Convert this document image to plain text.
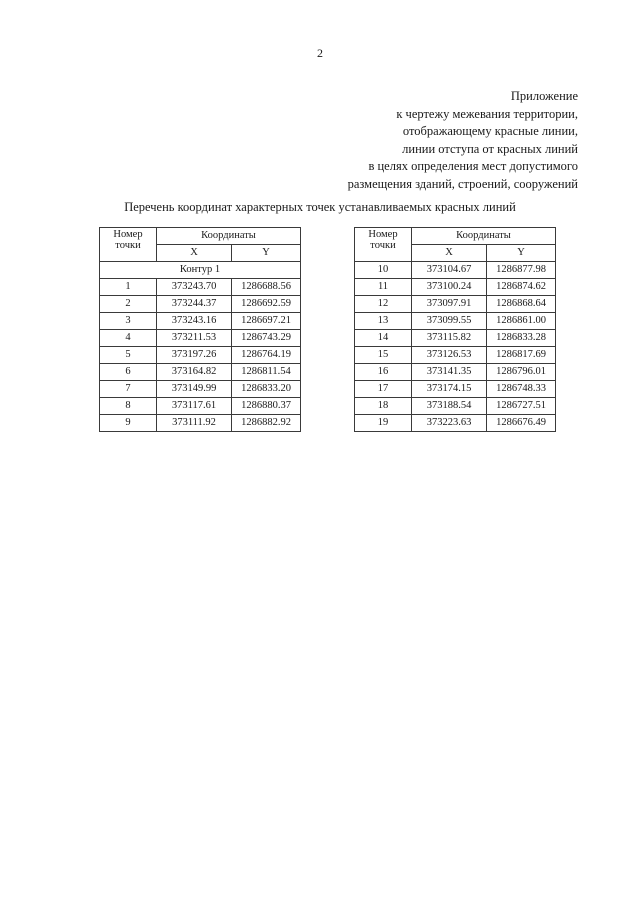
2
Приложение
к чертежу межевания территории,
отображающему красные линии,
линии отступа от красных линий
в целях определения мест допустимого
размещения зданий, строений, сооружений
Перечень координат характерных точек устанавливаемых красных линий
Номер
точки	Координаты	
	X	Y
Контур 1		
1	373243.70	1286688.56
2	373244.37	1286692.59
3	373243.16	1286697.21
4	373211.53	1286743.29
5	373197.26	1286764.19
6	373164.82	1286811.54
7	373149.99	1286833.20
8	373117.61	1286880.37
9	373111.92	1286882.92
Номер
точки	Координаты	
	X	Y
10	373104.67	1286877.98
11	373100.24	1286874.62
12	373097.91	1286868.64
13	373099.55	1286861.00
14	373115.82	1286833.28
15	373126.53	1286817.69
16	373141.35	1286796.01
17	373174.15	1286748.33
18	373188.54	1286727.51
19	373223.63	1286676.49
